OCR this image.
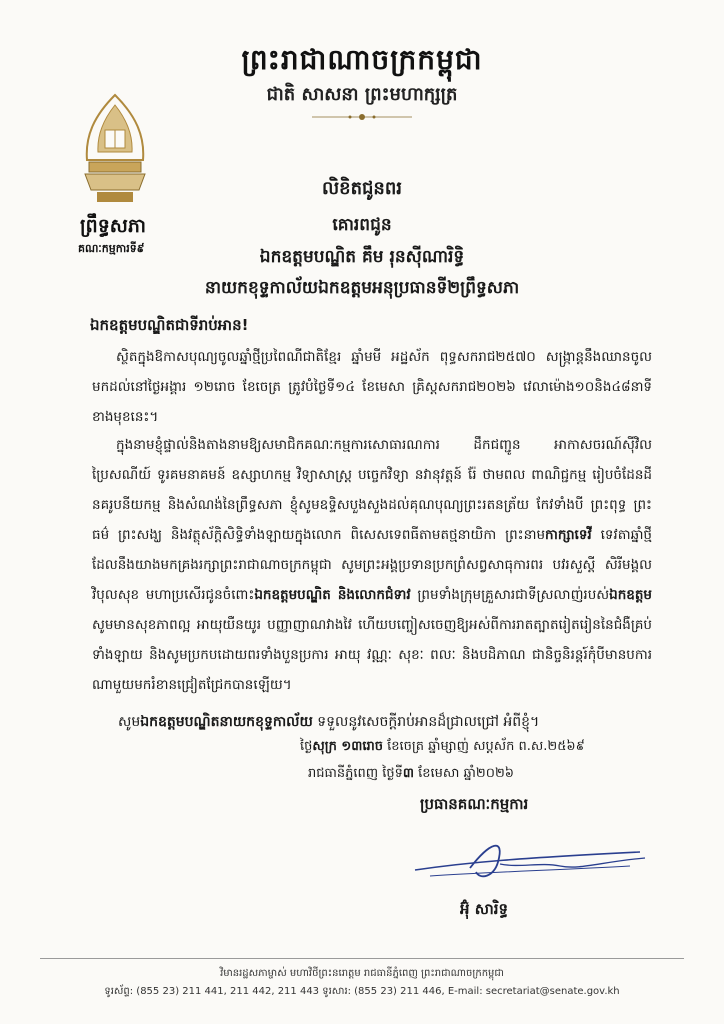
ព្រះរាជាណាចក្រកម្ពុជា
ជាតិ សាសនា ព្រះមហាក្សត្រ
ព្រឹទ្ធសភា
គណៈកម្មការទី៩
លិខិតជូនពរ
គោរពជូន
ឯកឧត្តមបណ្ឌិត គឹម រុនស៊ីណារិទ្ធិ
នាយកខុទ្ទកាល័យឯកឧត្តមអនុប្រធានទី២ព្រឹទ្ធសភា
ឯកឧត្តមបណ្ឌិតជាទីរាប់អាន!
ស្ថិតក្នុងឱកាសបុណ្យចូលឆ្នាំថ្មីប្រពៃណីជាតិខ្មែរ ឆ្នាំមមី អដ្ឋស័ក ពុទ្ធសករាជ២៥៧០ សង្ក្រាន្តនឹងឈានចូលមកដល់នៅថ្ងៃអង្គារ ១២រោច ខែចេត្រ ត្រូវបំថ្ងៃទី១៤ ខែមេសា គ្រិស្តសករាជ២០២៦ វេលាម៉ោង១០និង៤៨នាទី ខាងមុខនេះ។
ក្នុងនាមខ្ញុំផ្ទាល់និងតាងនាមឱ្យសមាជិកគណៈកម្មការសោធារណការ ដឹកជញ្ជូន អាកាសចរណ៍ស៊ីវិល ប្រៃសណីយ៍ ទូរគមនាគមន៍ ឧស្សាហកម្ម វិទ្យាសាស្ត្រ បច្ចេកវិទ្យា នវានុវត្តន៍ រ៉ែ ថាមពល ពាណិជ្ជកម្ម រៀបចំដែនដី នគរូបនីយកម្ម និងសំណង់នៃព្រឹទ្ធសភា ខ្ញុំសូមឧទ្ទិសបួងសួងដល់គុណបុណ្យព្រះរតនត្រ័យ កែវទាំងបី ព្រះពុទ្ធ ព្រះធម៌ ព្រះសង្ឃ និងវត្ថុស័ក្តិសិទ្ធិទាំងឡាយក្នុងលោក ពិសេសទេពធីតាមតថ្មនាយិកា ព្រះនាមកាក្សាទេវី ទេវតាឆ្នាំថ្មីដែលនឹងយាងមកគ្រងរក្សាព្រះរាជាណាចក្រកម្ពុជា សូមព្រះអង្គប្រទានប្រកព្រំសព្វសាធុការពរ បវរសួស្តី សិរីមង្គលវិបុលសុខ មហាប្រសើរជូនចំពោះឯកឧត្តមបណ្ឌិត និងលោកជំទាវ ព្រមទាំងក្រុមគ្រួសារជាទីស្រលាញ់របស់ឯកឧត្តម សូមមានសុខភាពល្អ អាយុយឺនយូរ បញ្ញាញាណវាងវៃ ហើយបញ្ចៀសចេញឱ្យអស់ពីការរាតត្បាតរៀតរៀននៃជំងឺគ្រប់ទាំងឡាយ និងសូមប្រកបដោយពរទាំងបួនប្រការ អាយុ វណ្ណៈ សុខៈ ពលៈ និងបដិភាណ ជានិច្ចនិរន្តរ៍កុំបីមានបការណាមួយមករំខានជ្រៀតជ្រែកបានឡើយ។
សូមឯកឧត្តមបណ្ឌិតនាយកខុទ្ទកាល័យ ទទួលនូវសេចក្តីរាប់អានដ៏ជ្រាលជ្រៅ អំពីខ្ញុំ។
ថ្ងៃសុក្រ ១៣រោច ខែចេត្រ ឆ្នាំម្សាញ់ សប្តស័ក ព.ស.២៥៦៩
រាជធានីភ្នំពេញ ថ្ងៃទី៣ ខែមេសា ឆ្នាំ២០២៦
ប្រធានគណៈកម្មការ
អ៊ុំ សារិទ្ធ
វិមានរដ្ឋសភាម្ចាស់ មហាវិថីព្រះនរោត្តម រាជធានីភ្នំពេញ ព្រះរាជាណាចក្រកម្ពុជា
ទូរស័ព្ទ: (855 23) 211 441, 211 442, 211 443 ទូរសារ: (855 23) 211 446, E-mail: secretariat@senate.gov.kh
